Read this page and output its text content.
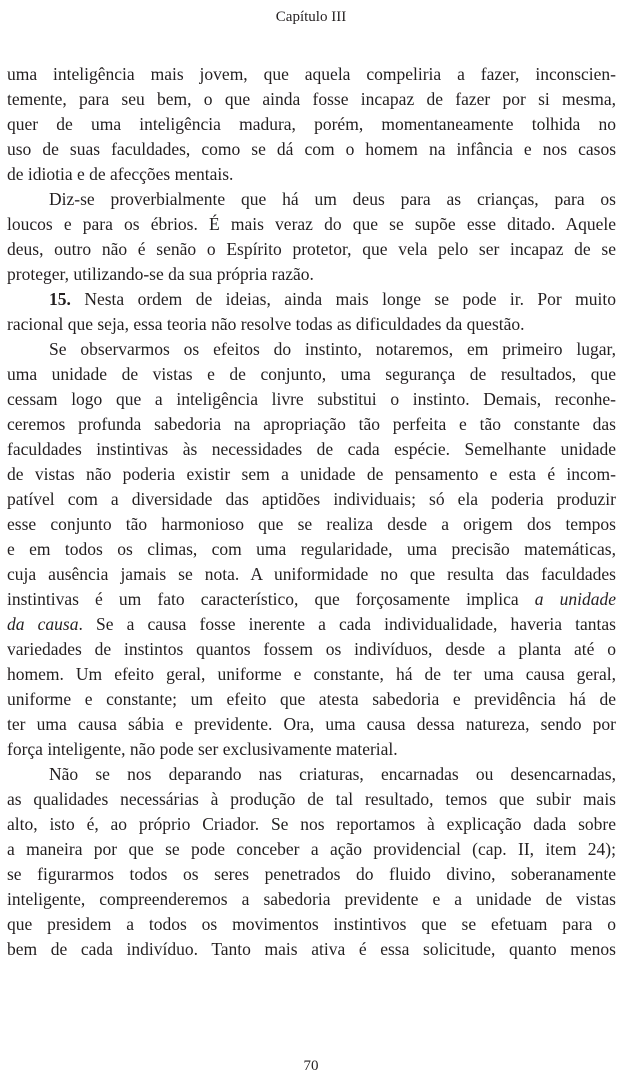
Capítulo III
uma inteligência mais jovem, que aquela compeliria a fazer, inconscien-
temente, para seu bem, o que ainda fosse incapaz de fazer por si mesma,
quer de uma inteligência madura, porém, momentaneamente tolhida no
uso de suas faculdades, como se dá com o homem na infância e nos casos
de idiotia e de afecções mentais.
Diz-se proverbialmente que há um deus para as crianças, para os
loucos e para os ébrios. É mais veraz do que se supõe esse ditado. Aquele
deus, outro não é senão o Espírito protetor, que vela pelo ser incapaz de se
proteger, utilizando-se da sua própria razão.
15. Nesta ordem de ideias, ainda mais longe se pode ir. Por muito
racional que seja, essa teoria não resolve todas as dificuldades da questão.
Se observarmos os efeitos do instinto, notaremos, em primeiro lugar,
uma unidade de vistas e de conjunto, uma segurança de resultados, que
cessam logo que a inteligência livre substitui o instinto. Demais, reconhe-
ceremos profunda sabedoria na apropriação tão perfeita e tão constante das
faculdades instintivas às necessidades de cada espécie. Semelhante unidade
de vistas não poderia existir sem a unidade de pensamento e esta é incom-
patível com a diversidade das aptidões individuais; só ela poderia produzir
esse conjunto tão harmonioso que se realiza desde a origem dos tempos
e em todos os climas, com uma regularidade, uma precisão matemáticas,
cuja ausência jamais se nota. A uniformidade no que resulta das faculdades
instintivas é um fato característico, que forçosamente implica a unidade
da causa. Se a causa fosse inerente a cada individualidade, haveria tantas
variedades de instintos quantos fossem os indivíduos, desde a planta até o
homem. Um efeito geral, uniforme e constante, há de ter uma causa geral,
uniforme e constante; um efeito que atesta sabedoria e previdência há de
ter uma causa sábia e previdente. Ora, uma causa dessa natureza, sendo por
força inteligente, não pode ser exclusivamente material.
Não se nos deparando nas criaturas, encarnadas ou desencarnadas,
as qualidades necessárias à produção de tal resultado, temos que subir mais
alto, isto é, ao próprio Criador. Se nos reportamos à explicação dada sobre
a maneira por que se pode conceber a ação providencial (cap. II, item 24);
se figurarmos todos os seres penetrados do fluido divino, soberanamente
inteligente, compreenderemos a sabedoria previdente e a unidade de vistas
que presidem a todos os movimentos instintivos que se efetuam para o
bem de cada indivíduo. Tanto mais ativa é essa solicitude, quanto menos
70
